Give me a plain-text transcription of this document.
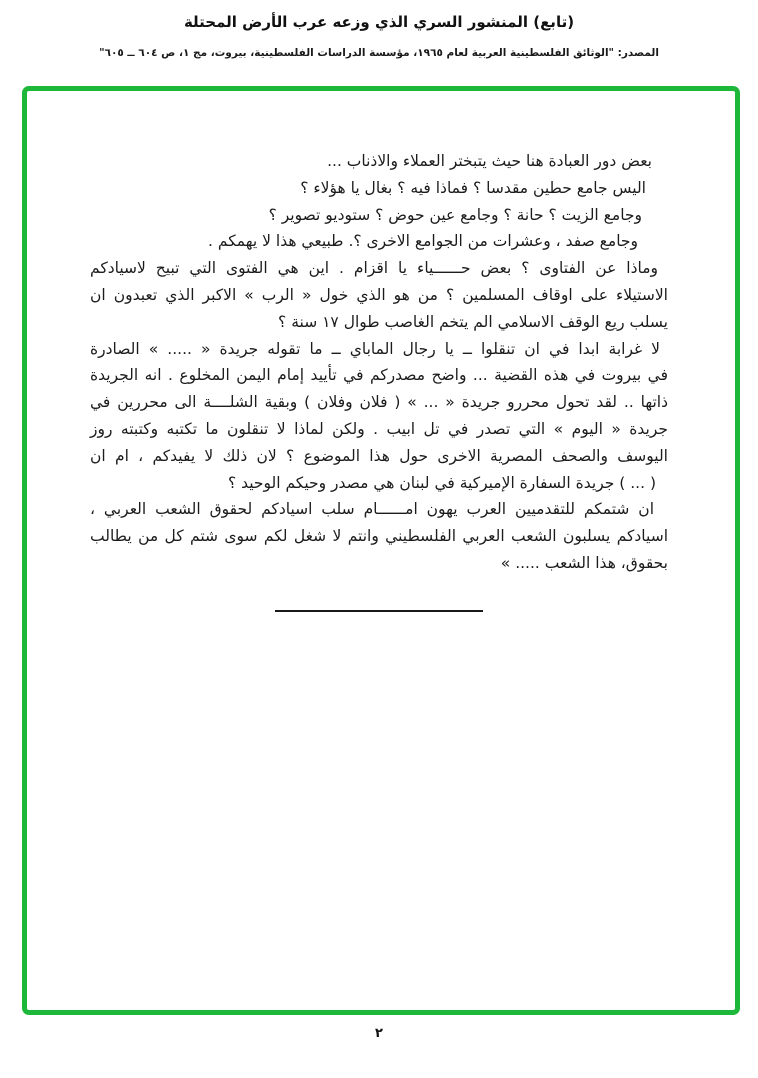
(تابع) المنشور السري الذي وزعه عرب الأرض المحتلة
المصدر: "الوثائق الفلسطينية العربية لعام ١٩٦٥، مؤسسة الدراسات الفلسطينية، بيروت، مج ١، ص ٦٠٤ ــ ٦٠٥"
بعض دور العبادة هنا حيث يتبختر العملاء والاذناب ...
اليس جامع حطين مقدسا ؟ فماذا فيه ؟ بغال يا هؤلاء ؟
وجامع الزيت ؟ حانة ؟ وجامع عين حوض ؟ ستوديو تصوير ؟
وجامع صفد ، وعشرات من الجوامع الاخرى ؟. طبيعي هذا لا يهمكم .
وماذا عن الفتاوى ؟ بعض حــــــياء يا اقزام . اين هي الفتوى التي تبيح لاسيادكم
الاستيلاء على اوقاف المسلمين ؟ من هو الذي خول « الرب » الاكبر الذي تعبدون ان
يسلب ريع الوقف الاسلامي الم يتخم الغاصب طوال ١٧ سنة ؟
لا غرابة ابدا في ان تنقلوا ــ يا رجال الماباي ــ ما تقوله جريدة « ..... » الصادرة
في بيروت في هذه القضية ... واضح مصدركم في تأييد إمام اليمن المخلوع . انه الجريدة
ذاتها .. لقد تحول محررو جريدة « ... » ( فلان وفلان ) وبقية الشلــــة الى محررين في
جريدة « اليوم » التي تصدر في تل ابيب . ولكن لماذا لا تنقلون ما تكتبه وكتبته روز
اليوسف والصحف المصرية الاخرى حول هذا الموضوع ؟ لان ذلك لا يفيدكم ، ام ان
( ... ) جريدة السفارة الإميركية في لبنان هي مصدر وحيكم الوحيد ؟
ان شتمكم للتقدميين العرب يهون امــــــام سلب اسيادكم لحقوق الشعب العربي ،
اسيادكم يسلبون الشعب العربي الفلسطيني وانتم لا شغل لكم سوى شتم كل من يطالب
بحقوق، هذا الشعب ..... »
٢
